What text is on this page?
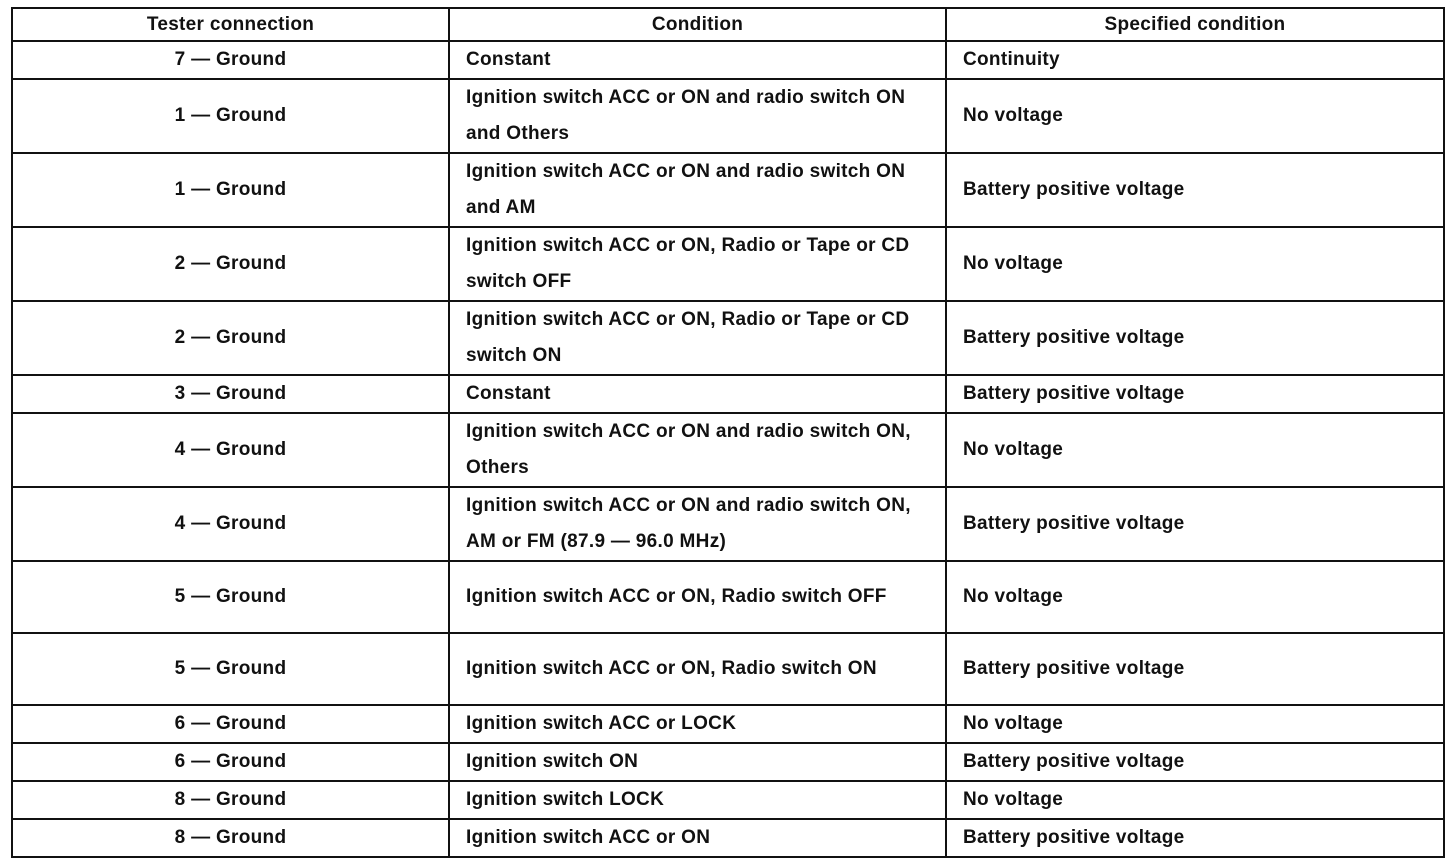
Tester connection	Condition	Specified condition
7 — Ground	Constant	Continuity
1 — Ground	Ignition switch ACC or ON and radio switch ON and Others	No voltage
1 — Ground	Ignition switch ACC or ON and radio switch ON and AM	Battery positive voltage
2 — Ground	Ignition switch ACC or ON, Radio or Tape or CD switch OFF	No voltage
2 — Ground	Ignition switch ACC or ON, Radio or Tape or CD switch ON	Battery positive voltage
3 — Ground	Constant	Battery positive voltage
4 — Ground	Ignition switch ACC or ON and radio switch ON, Others	No voltage
4 — Ground	Ignition switch ACC or ON and radio switch ON, AM or FM (87.9 — 96.0 MHz)	Battery positive voltage
5 — Ground	Ignition switch ACC or ON, Radio switch OFF	No voltage
5 — Ground	Ignition switch ACC or ON, Radio switch ON	Battery positive voltage
6 — Ground	Ignition switch ACC or LOCK	No voltage
6 — Ground	Ignition switch ON	Battery positive voltage
8 — Ground	Ignition switch LOCK	No voltage
8 — Ground	Ignition switch ACC or ON	Battery positive voltage
